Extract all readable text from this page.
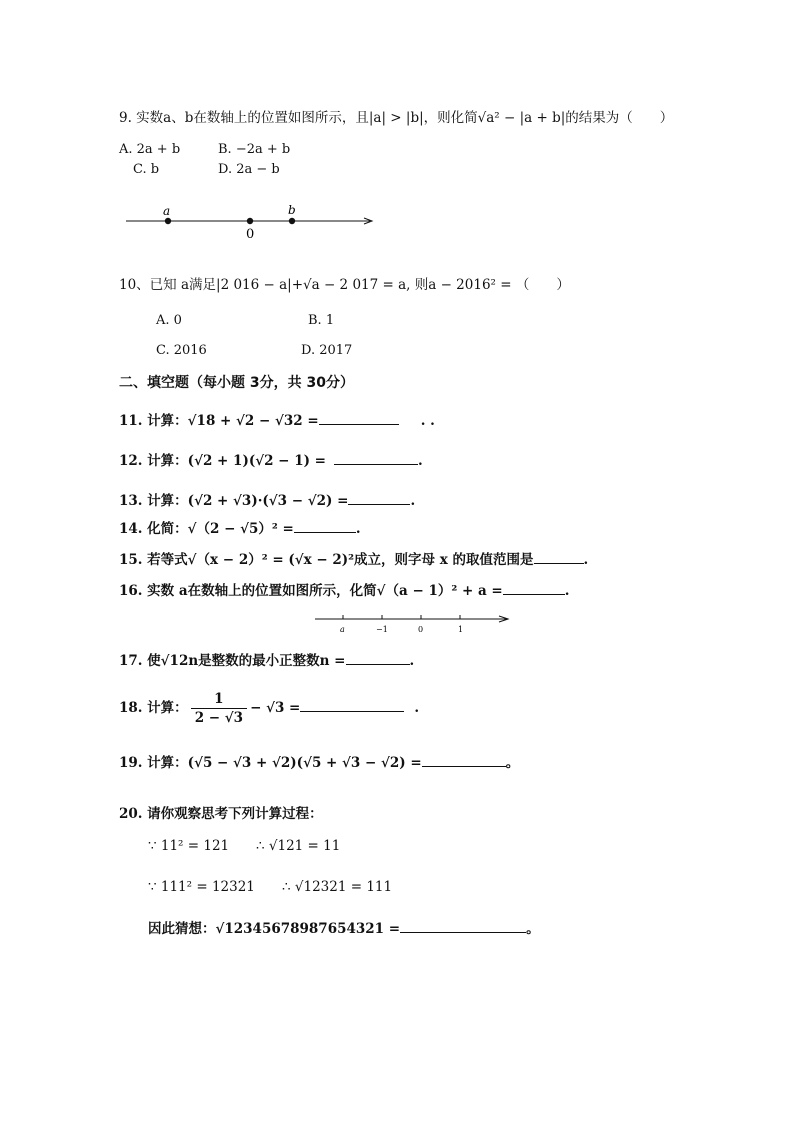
9. 实数a、b在数轴上的位置如图所示，且|a| > |b|，则化简√a² − |a + b|的结果为（　　）
A. 2a + b	B. −2a + b
C. b	D. 2a − b
a
0
b
10、已知 a满足|2 016 − a|+√a − 2 017 = a, 则a − 2016² = （　　）
A. 0	B. 1
C. 2016	D. 2017
二、填空题（每小题 3分，共 30分）
11. 计算：√18 + √2 − √32 =	. .
12. 计算：(√2 + 1)(√2 − 1) =	.
13. 计算：(√2 + √3)·(√3 − √2) =	.
14. 化简：√（2 − √5）² =	.
15. 若等式√（x − 2）² = (√x − 2)²成立，则字母 x 的取值范围是	.
16. 实数 a在数轴上的位置如图所示，化简√（a − 1）² + a =	.
a	−1	0	1
17. 使√12n是整数的最小正整数n =	.
18. 计算： $\frac{1}{2 - √3} - √3$ =	.
19. 计算：(√5 − √3 + √2)(√5 + √3 − √2) =	。
20. 请你观察思考下列计算过程：
∵ 11² = 121 ∴ √121 = 11
∵ 111² = 12321 ∴ √12321 = 111
因此猜想：√12345678987654321 =	。
